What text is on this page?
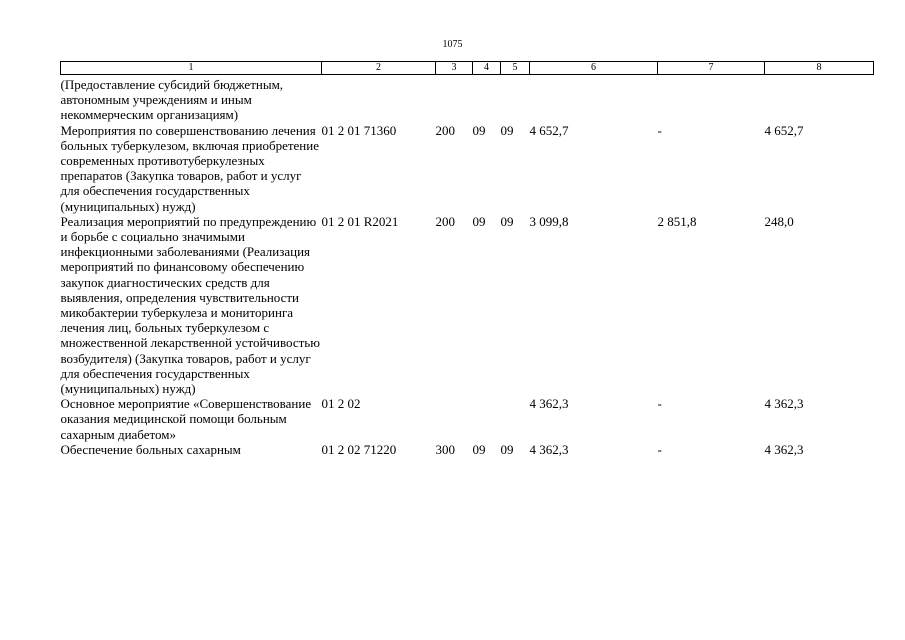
1075
1	2	3	4	5	6	7	8
(Предоставление субсидий бюджетным, автономным учреждениям и иным некоммерческим организациям)							
Мероприятия по совершенствованию лечения больных туберкулезом, включая приобретение современных противотуберкулезных препаратов (Закупка товаров, работ и услуг для обеспечения государственных (муниципальных) нужд)	01 2 01 71360	200	09	09	4 652,7	-	4 652,7
Реализация мероприятий по предупреждению и борьбе с социально значимыми инфекционными заболеваниями (Реализация мероприятий по финансовому обеспечению закупок диагностических средств для выявления, определения чувствительности микобактерии туберкулеза и мониторинга лечения лиц, больных туберкулезом с множественной лекарственной устойчивостью возбудителя) (Закупка товаров, работ и услуг для обеспечения государственных (муниципальных) нужд)	01 2 01 R2021	200	09	09	3 099,8	2 851,8	248,0
Основное мероприятие «Совершенствование оказания медицинской помощи больным сахарным диабетом»	01 2 02				4 362,3	-	4 362,3
Обеспечение больных сахарным	01 2 02 71220	300	09	09	4 362,3	-	4 362,3
